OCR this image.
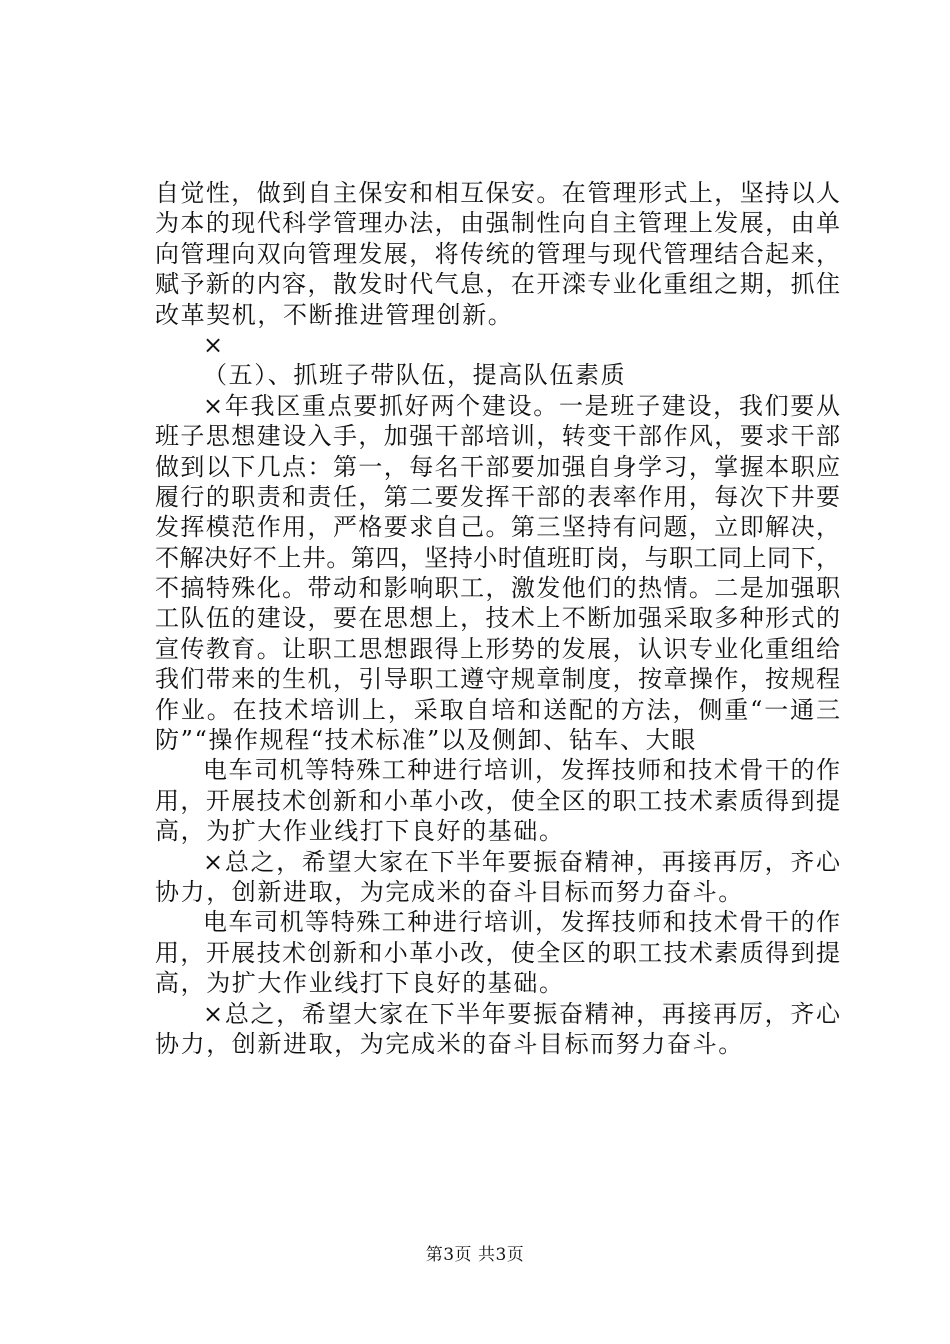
自觉性，做到自主保安和相互保安。在管理形式上，坚持以人
为本的现代科学管理办法，由强制性向自主管理上发展，由单
向管理向双向管理发展，将传统的管理与现代管理结合起来，
赋予新的内容，散发时代气息，在开滦专业化重组之期，抓住
改革契机，不断推进管理创新。
×
（五）、抓班子带队伍，提高队伍素质
×年我区重点要抓好两个建设。一是班子建设，我们要从
班子思想建设入手，加强干部培训，转变干部作风，要求干部
做到以下几点：第一，每名干部要加强自身学习，掌握本职应
履行的职责和责任，第二要发挥干部的表率作用，每次下井要
发挥模范作用，严格要求自己。第三坚持有问题，立即解决，
不解决好不上井。第四，坚持小时值班盯岗，与职工同上同下，
不搞特殊化。带动和影响职工，激发他们的热情。二是加强职
工队伍的建设，要在思想上，技术上不断加强采取多种形式的
宣传教育。让职工思想跟得上形势的发展，认识专业化重组给
我们带来的生机，引导职工遵守规章制度，按章操作，按规程
作业。在技术培训上，采取自培和送配的方法，侧重“一通三
防”“操作规程“技术标准”以及侧卸、钻车、大眼
电车司机等特殊工种进行培训，发挥技师和技术骨干的作
用，开展技术创新和小革小改，使全区的职工技术素质得到提
高，为扩大作业线打下良好的基础。
×总之，希望大家在下半年要振奋精神，再接再厉，齐心
协力，创新进取，为完成米的奋斗目标而努力奋斗。
电车司机等特殊工种进行培训，发挥技师和技术骨干的作
用，开展技术创新和小革小改，使全区的职工技术素质得到提
高，为扩大作业线打下良好的基础。
×总之，希望大家在下半年要振奋精神，再接再厉，齐心
协力，创新进取，为完成米的奋斗目标而努力奋斗。
第3页 共3页
